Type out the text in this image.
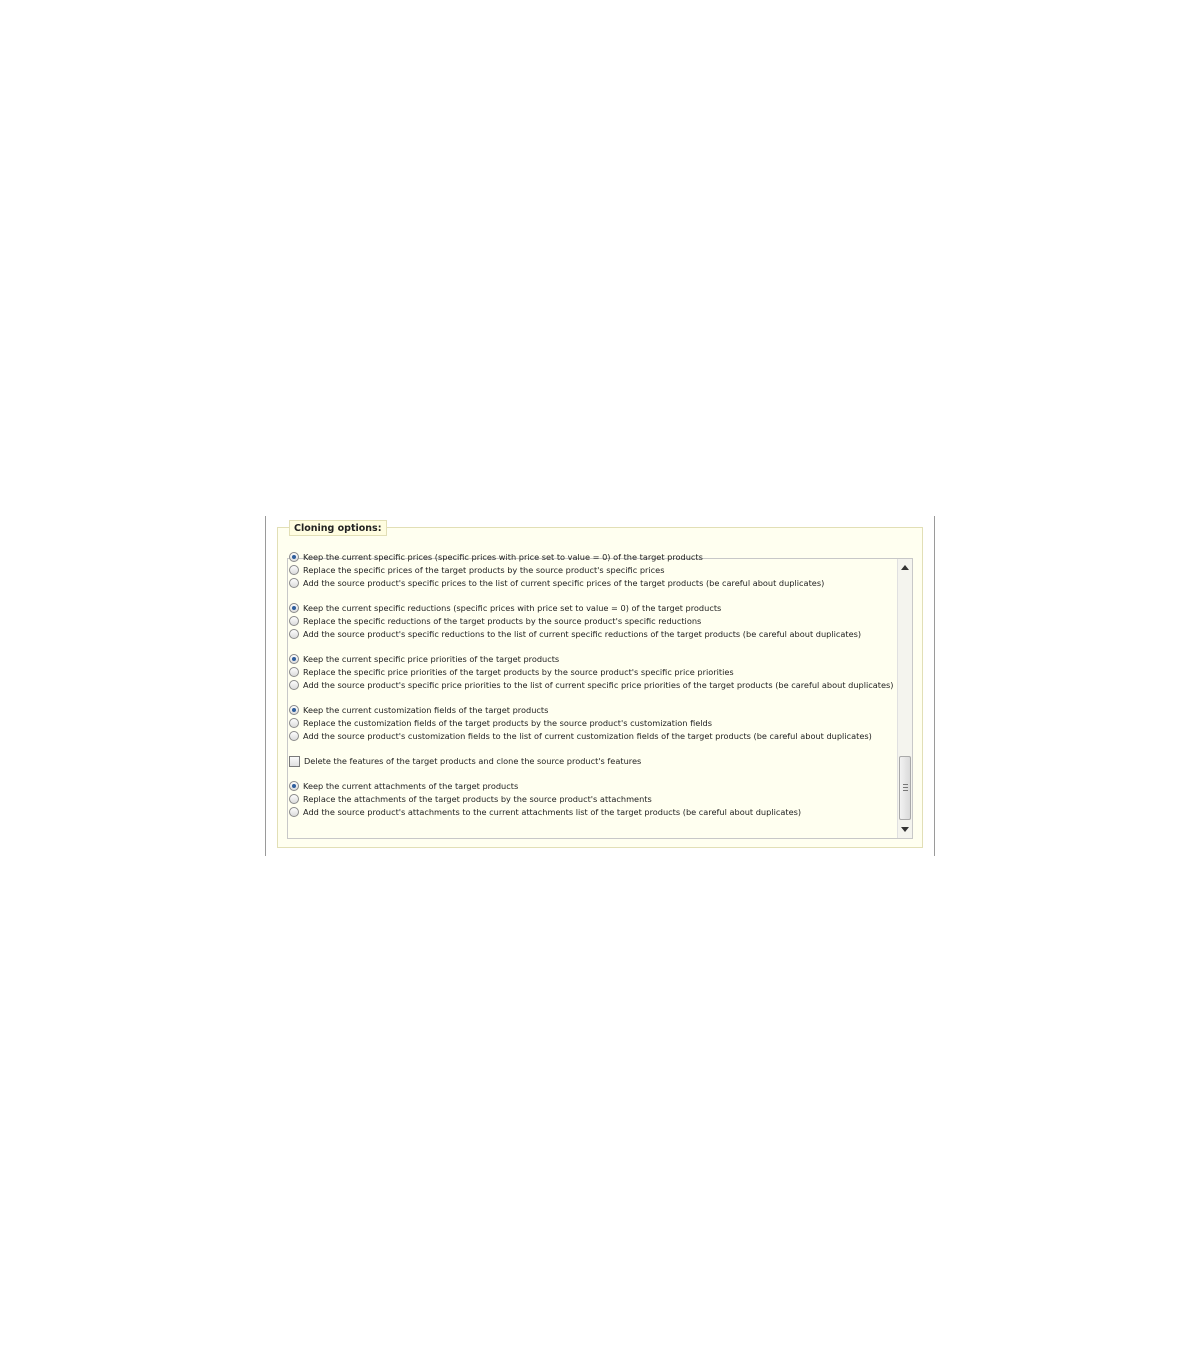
Cloning options:
Keep the current specific prices (specific prices with price set to value = 0) of the target products
Replace the specific prices of the target products by the source product's specific prices
Add the source product's specific prices to the list of current specific prices of the target products (be careful about duplicates)
Keep the current specific reductions (specific prices with price set to value = 0) of the target products
Replace the specific reductions of the target products by the source product's specific reductions
Add the source product's specific reductions to the list of current specific reductions of the target products (be careful about duplicates)
Keep the current specific price priorities of the target products
Replace the specific price priorities of the target products by the source product's specific price priorities
Add the source product's specific price priorities to the list of current specific price priorities of the target products (be careful about duplicates)
Keep the current customization fields of the target products
Replace the customization fields of the target products by the source product's customization fields
Add the source product's customization fields to the list of current customization fields of the target products (be careful about duplicates)
Delete the features of the target products and clone the source product's features
Keep the current attachments of the target products
Replace the attachments of the target products by the source product's attachments
Add the source product's attachments to the current attachments list of the target products (be careful about duplicates)
